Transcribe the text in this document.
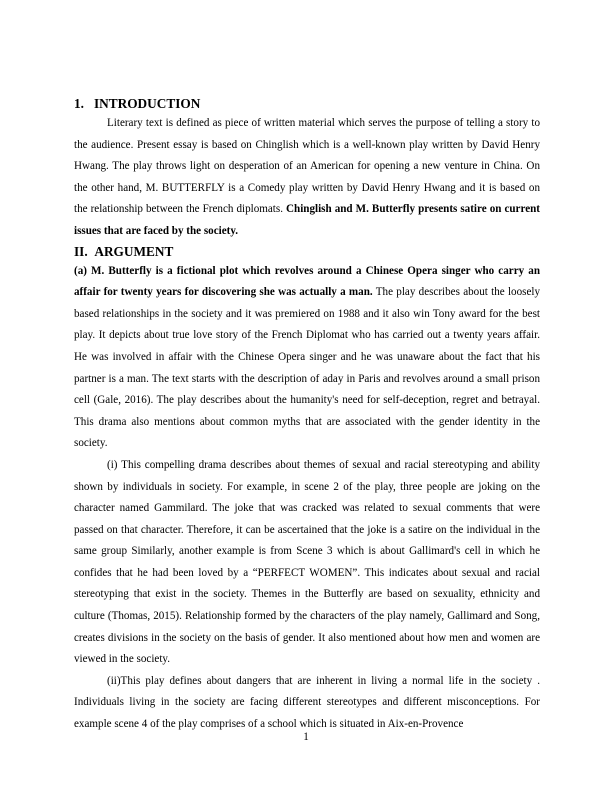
1. INTRODUCTION

Literary text is defined as piece of written material which serves the purpose of telling a story to the audience. Present essay is based on Chinglish which is a well-known play written by David Henry Hwang. The play throws light on desperation of an American for opening a new venture in China. On the other hand, M. BUTTERFLY is a Comedy play written by David Henry Hwang and it is based on the relationship between the French diplomats. Chinglish and M. Butterfly presents satire on current issues that are faced by the society.

II. ARGUMENT

(a) M. Butterfly is a fictional plot which revolves around a Chinese Opera singer who carry an affair for twenty years for discovering she was actually a man. The play describes about the loosely based relationships in the society and it was premiered on 1988 and it also win Tony award for the best play. It depicts about true love story of the French Diplomat who has carried out a twenty years affair. He was involved in affair with the Chinese Opera singer and he was unaware about the fact that his partner is a man. The text starts with the description of aday in Paris and revolves around a small prison cell (Gale, 2016). The play describes about the humanity's need for self-deception, regret and betrayal. This drama also mentions about common myths that are associated with the gender identity in the society.

(i) This compelling drama describes about themes of sexual and racial stereotyping and ability shown by individuals in society. For example, in scene 2 of the play, three people are joking on the character named Gammilard. The joke that was cracked was related to sexual comments that were passed on that character. Therefore, it can be ascertained that the joke is a satire on the individual in the same group Similarly, another example is from Scene 3 which is about Gallimard's cell in which he confides that he had been loved by a “PERFECT WOMEN”. This indicates about sexual and racial stereotyping that exist in the society. Themes in the Butterfly are based on sexuality, ethnicity and culture (Thomas, 2015). Relationship formed by the characters of the play namely, Gallimard and Song, creates divisions in the society on the basis of gender. It also mentioned about how men and women are viewed in the society.

(ii)This play defines about dangers that are inherent in living a normal life in the society . Individuals living in the society are facing different stereotypes and different misconceptions. For example scene 4 of the play comprises of a school which is situated in Aix-en-Provence

1
